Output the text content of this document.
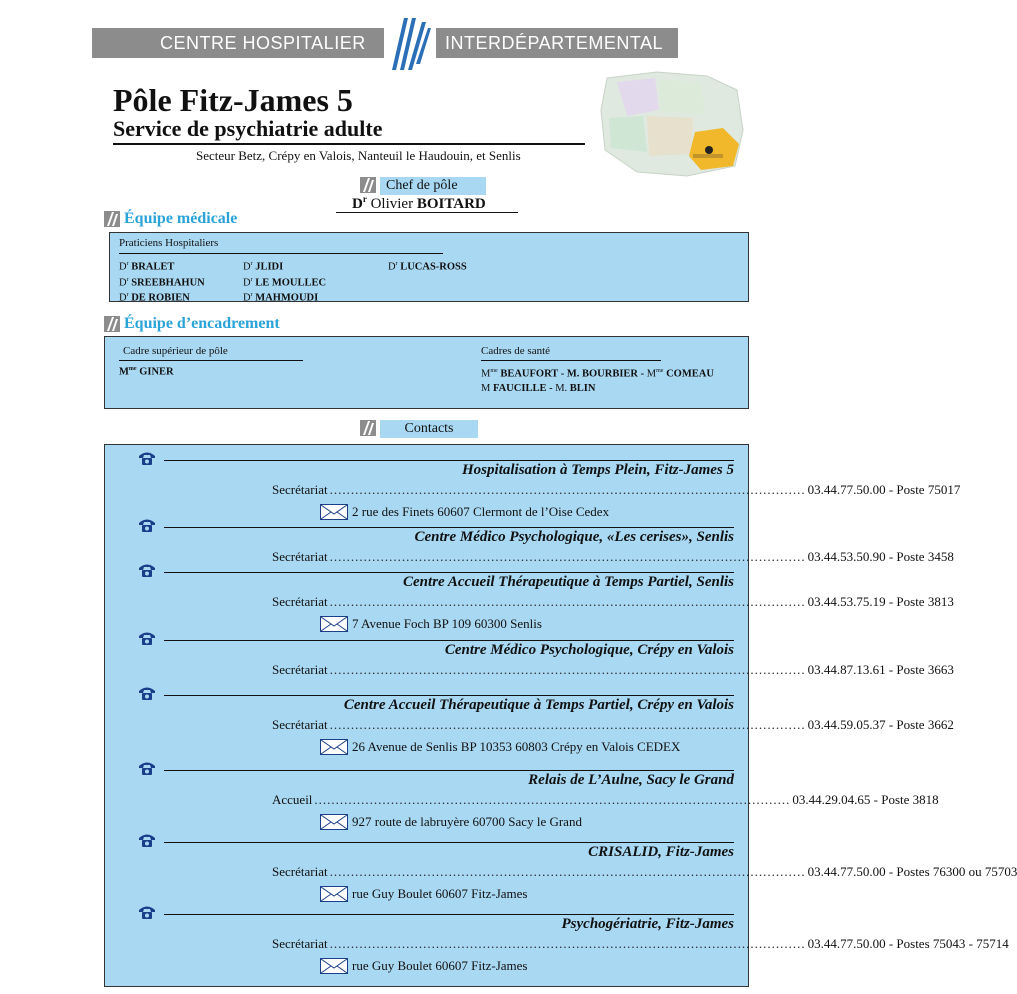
CENTRE HOSPITALIER	INTERDÉPARTEMENTAL
Pôle Fitz-James 5
Service de psychiatrie adulte
Secteur Betz, Crépy en Valois, Nanteuil le Haudouin, et Senlis
Chef de pôle
$D^r$ Olivier BOITARD
Équipe médicale
Praticiens Hospitaliers
$D^r$ BRALET
$D^r$ SREEBHAHUN
$D^r$ DE ROBIEN
$D^r$ JLIDI
$D^r$ LE MOULLEC
$D^r$ MAHMOUDI
$D^r$ LUCAS-ROSS
Équipe d’encadrement
Cadre supérieur de pôle
$M^{me}$ GINER
Cadres de santé
$M^{me}$ BEAUFORT - M. BOURBIER - $M^{me}$ COMEAU
M FAUCILLE - M. BLIN
Contacts
Hospitalisation à Temps Plein, Fitz-James 5
Secrétariat ................................................................................................................ 03.44.77.50.00 - Poste 75017
2 rue des Finets 60607 Clermont de l’Oise Cedex
Centre Médico Psychologique, «Les cerises», Senlis
Secrétariat ................................................................................................................ 03.44.53.50.90 - Poste 3458
Centre Accueil Thérapeutique à Temps Partiel, Senlis
Secrétariat ................................................................................................................ 03.44.53.75.19 - Poste 3813
7 Avenue Foch BP 109 60300 Senlis
Centre Médico Psychologique, Crépy en Valois
Secrétariat ................................................................................................................ 03.44.87.13.61 - Poste 3663
Centre Accueil Thérapeutique à Temps Partiel, Crépy en Valois
Secrétariat ................................................................................................................ 03.44.59.05.37 - Poste 3662
26 Avenue de Senlis BP 10353 60803 Crépy en Valois CEDEX
Relais de L’Aulne, Sacy le Grand
Accueil ................................................................................................................ 03.44.29.04.65 - Poste 3818
927 route de labruyère 60700 Sacy le Grand
CRISALID, Fitz-James
Secrétariat ................................................................................................................ 03.44.77.50.00 - Postes 76300 ou 75703
rue Guy Boulet 60607 Fitz-James
Psychogériatrie, Fitz-James
Secrétariat ................................................................................................................ 03.44.77.50.00 - Postes 75043 - 75714
rue Guy Boulet 60607 Fitz-James
